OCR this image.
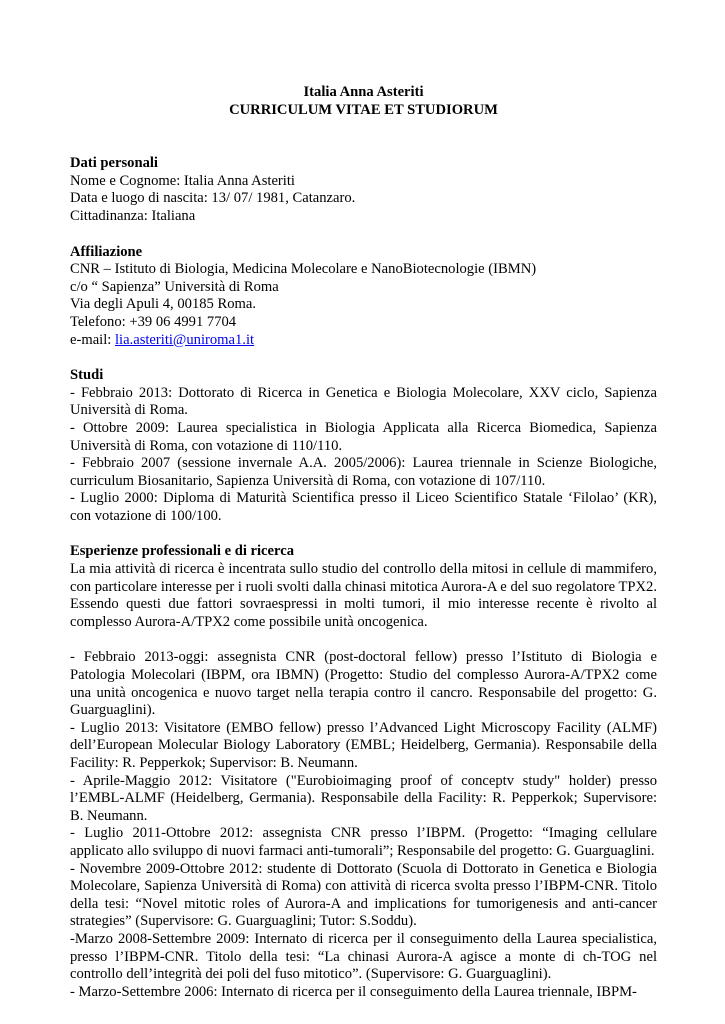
Italia Anna Asteriti

CURRICULUM VITAE ET STUDIORUM

Dati personali

Nome e Cognome: Italia Anna Asteriti

Data e luogo di nascita: 13/ 07/ 1981, Catanzaro.

Cittadinanza: Italiana

Affiliazione

CNR – Istituto di Biologia, Medicina Molecolare e NanoBiotecnologie (IBMN)

c/o “ Sapienza” Università di Roma

Via degli Apuli 4, 00185 Roma.

Telefono: +39 06 4991 7704

e-mail: lia.asteriti@uniroma1.it

Studi

- Febbraio 2013: Dottorato di Ricerca in Genetica e Biologia Molecolare, XXV ciclo, Sapienza Università di Roma.

- Ottobre 2009: Laurea specialistica in Biologia Applicata alla Ricerca Biomedica, Sapienza Università di Roma, con votazione di 110/110.

- Febbraio 2007 (sessione invernale A.A. 2005/2006): Laurea triennale in Scienze Biologiche, curriculum Biosanitario, Sapienza Università di Roma, con votazione di 107/110.

- Luglio 2000: Diploma di Maturità Scientifica presso il Liceo Scientifico Statale ‘Filolao’ (KR), con votazione di 100/100.

Esperienze professionali e di ricerca

La mia attività di ricerca è incentrata sullo studio del controllo della mitosi in cellule di mammifero, con particolare interesse per i ruoli svolti dalla chinasi mitotica Aurora-A e del suo regolatore TPX2. Essendo questi due fattori sovraespressi in molti tumori, il mio interesse recente è rivolto al complesso Aurora-A/TPX2 come possibile unità oncogenica.

- Febbraio 2013-oggi: assegnista CNR (post-doctoral fellow) presso l’Istituto di Biologia e Patologia Molecolari (IBPM, ora IBMN) (Progetto: Studio del complesso Aurora-A/TPX2 come una unità oncogenica e nuovo target nella terapia contro il cancro. Responsabile del progetto: G. Guarguaglini).

- Luglio 2013: Visitatore (EMBO fellow) presso l’Advanced Light Microscopy Facility (ALMF) dell’European Molecular Biology Laboratory (EMBL; Heidelberg, Germania). Responsabile della Facility: R. Pepperkok; Supervisor: B. Neumann.

- Aprile-Maggio 2012: Visitatore ("Eurobioimaging proof of conceptv study" holder) presso l’EMBL-ALMF (Heidelberg, Germania). Responsabile della Facility: R. Pepperkok; Supervisore: B. Neumann.

- Luglio 2011-Ottobre 2012: assegnista CNR presso l’IBPM. (Progetto: “Imaging cellulare applicato allo sviluppo di nuovi farmaci anti-tumorali”; Responsabile del progetto: G. Guarguaglini.

- Novembre 2009-Ottobre 2012: studente di Dottorato (Scuola di Dottorato in Genetica e Biologia Molecolare, Sapienza Università di Roma) con attività di ricerca svolta presso l’IBPM-CNR. Titolo della tesi: “Novel mitotic roles of Aurora-A and implications for tumorigenesis and anti-cancer strategies” (Supervisore: G. Guarguaglini; Tutor: S.Soddu).

-Marzo 2008-Settembre 2009: Internato di ricerca per il conseguimento della Laurea specialistica, presso l’IBPM-CNR. Titolo della tesi: “La chinasi Aurora-A agisce a monte di ch-TOG nel controllo dell’integrità dei poli del fuso mitotico”. (Supervisore: G. Guarguaglini).

- Marzo-Settembre 2006: Internato di ricerca per il conseguimento della Laurea triennale, IBPM-
